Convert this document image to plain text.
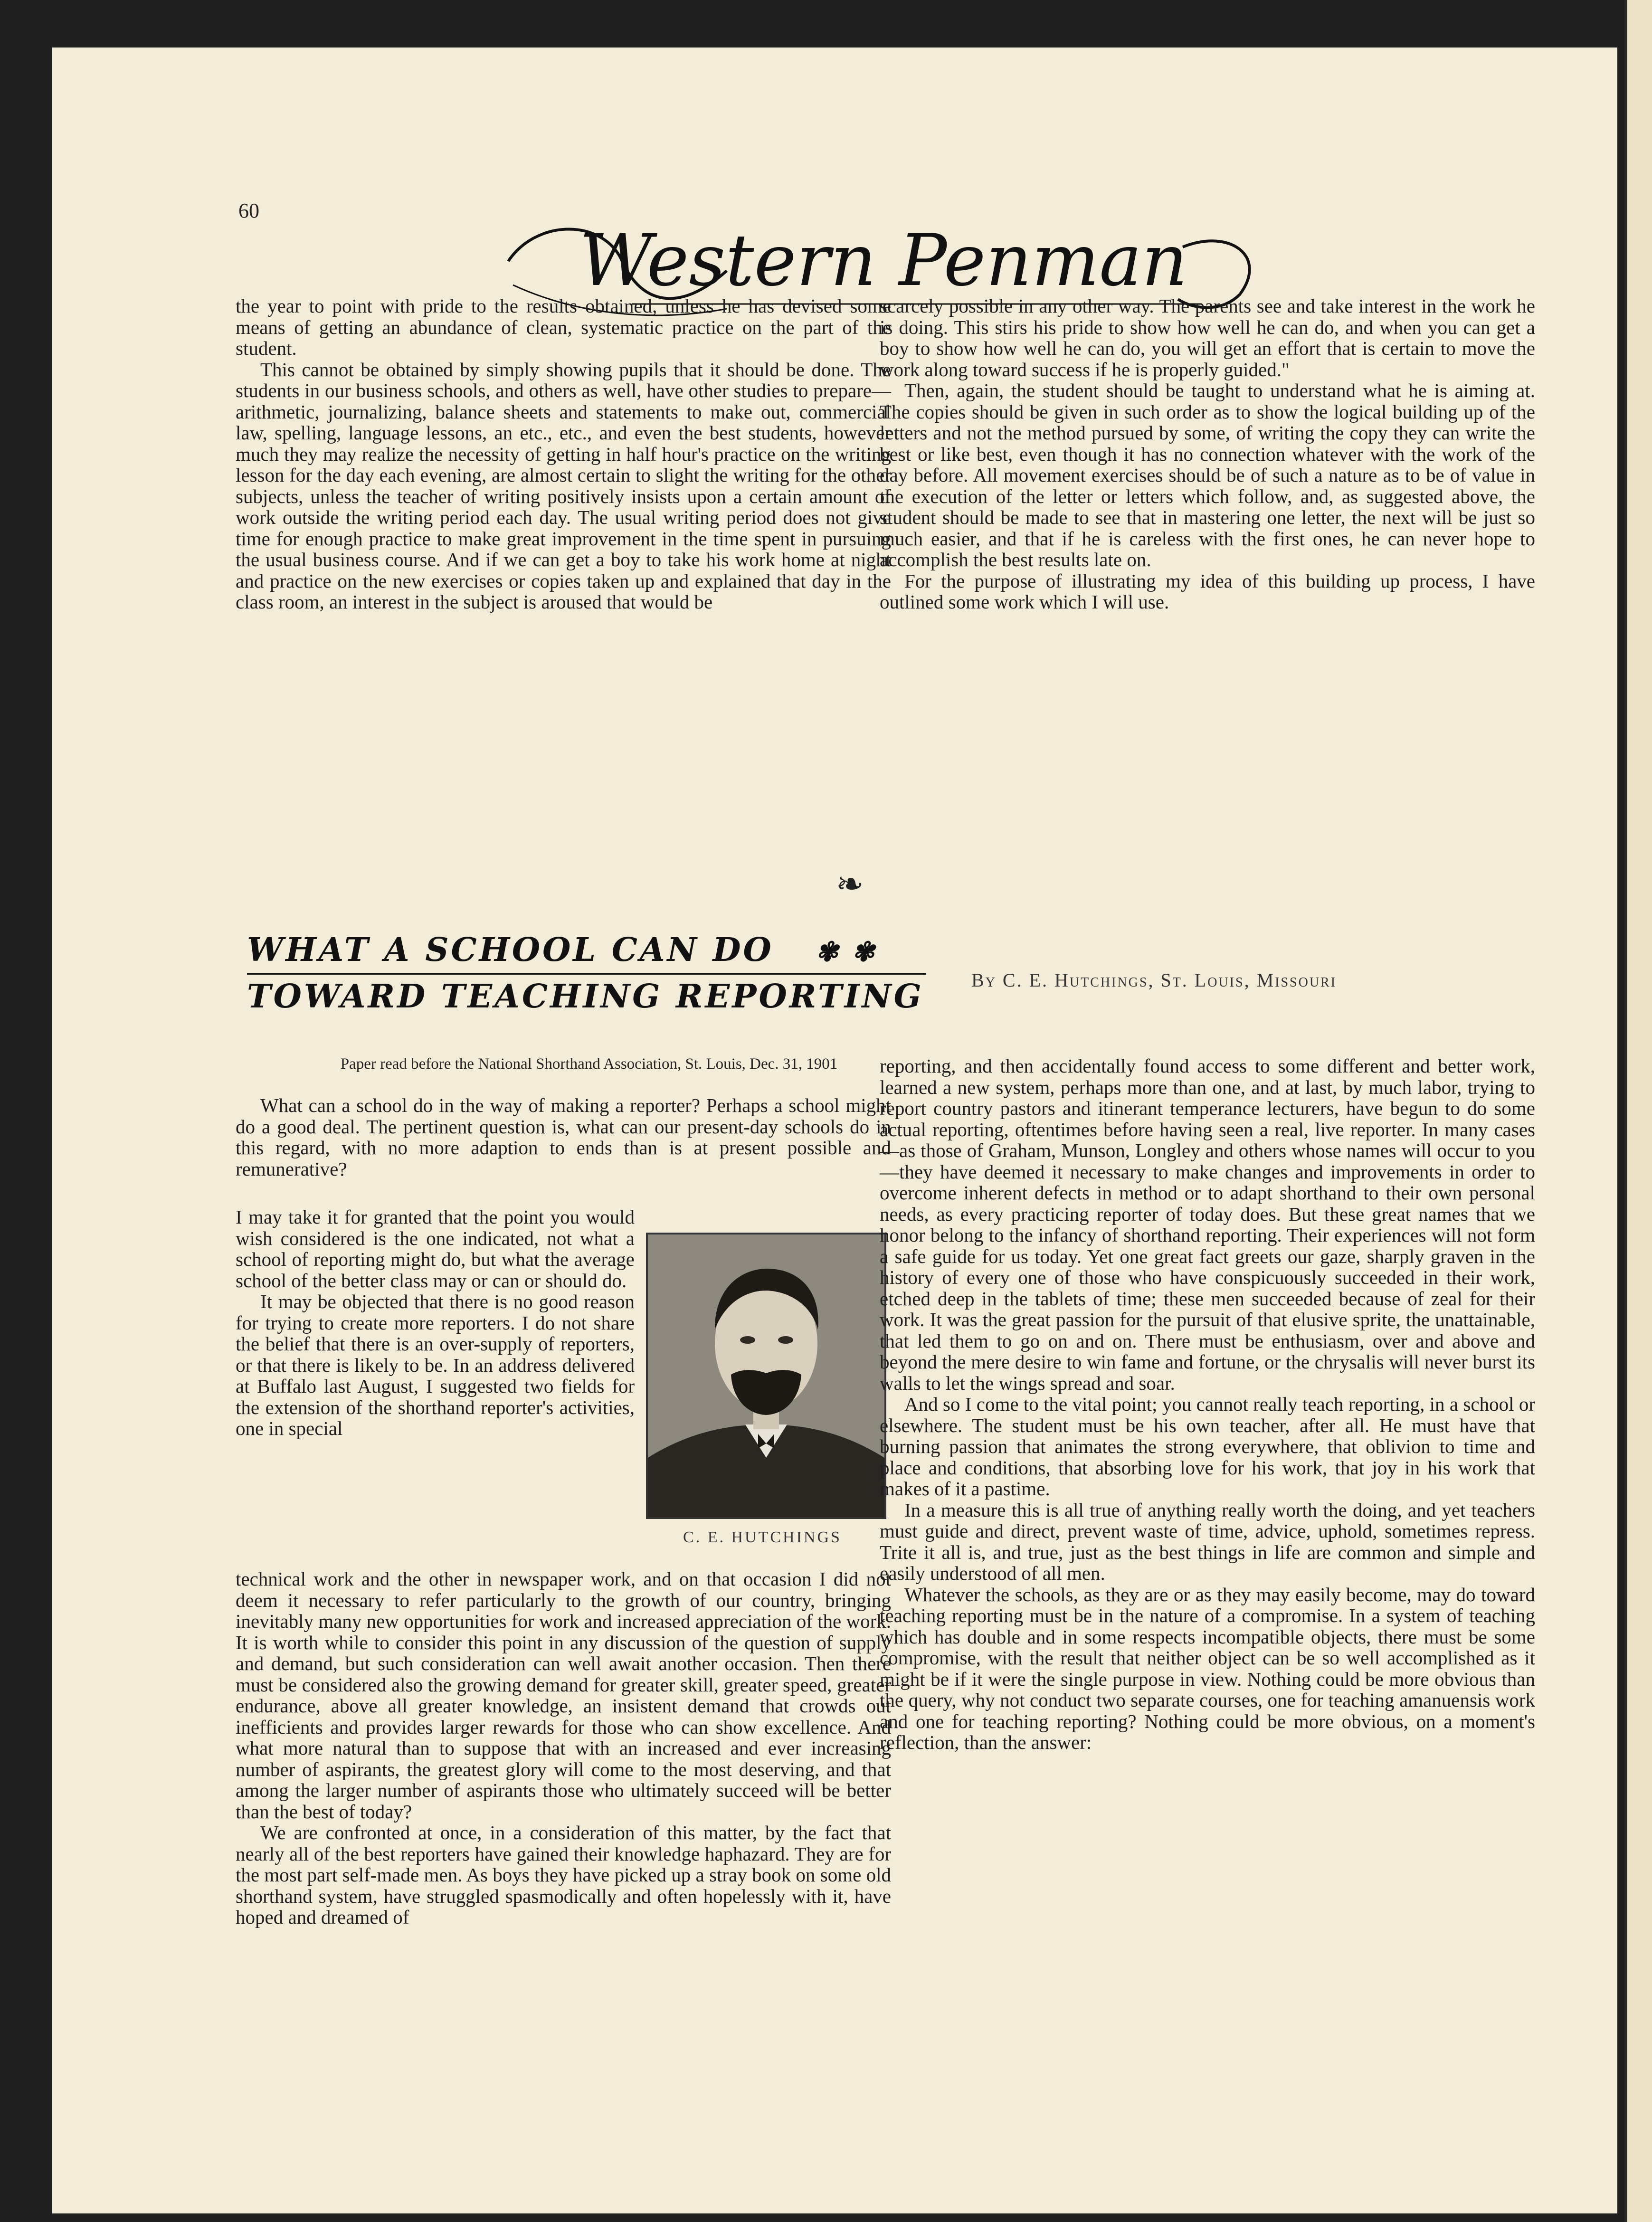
60
Western Penman

the year to point with pride to the results obtained, unless he has devised some means of getting an abundance of clean, systematic practice on the part of the student.

This cannot be obtained by simply showing pupils that it should be done. The students in our business schools, and others as well, have other studies to prepare—arithmetic, journalizing, balance sheets and statements to make out, commercial law, spelling, language lessons, an etc., etc., and even the best students, however much they may realize the necessity of getting in half hour's practice on the writing lesson for the day each evening, are almost certain to slight the writing for the other subjects, unless the teacher of writing positively insists upon a certain amount of work outside the writing period each day. The usual writing period does not give time for enough practice to make great improvement in the time spent in pursuing the usual business course. And if we can get a boy to take his work home at night and practice on the new exercises or copies taken up and explained that day in the class room, an interest in the subject is aroused that would be

scarcely possible in any other way. The parents see and take interest in the work he is doing. This stirs his pride to show how well he can do, and when you can get a boy to show how well he can do, you will get an effort that is certain to move the work along toward success if he is properly guided."

Then, again, the student should be taught to understand what he is aiming at. The copies should be given in such order as to show the logical building up of the letters and not the method pursued by some, of writing the copy they can write the best or like best, even though it has no connection whatever with the work of the day before. All movement exercises should be of such a nature as to be of value in the execution of the letter or letters which follow, and, as suggested above, the student should be made to see that in mastering one letter, the next will be just so much easier, and that if he is careless with the first ones, he can never hope to accomplish the best results late on.

For the purpose of illustrating my idea of this building up process, I have outlined some work which I will use.

❧
WHAT A SCHOOL CAN DO ✾ ✾
TOWARD TEACHING REPORTING	By C. E. Hutchings, St. Louis, Missouri
Paper read before the National Shorthand Association, St. Louis, Dec. 31, 1901

What can a school do in the way of making a reporter? Perhaps a school might do a good deal. The pertinent question is, what can our present-day schools do in this regard, with no more adaption to ends than is at present possible and remunerative?

I may take it for granted that the point you would wish considered is the one indicated, not what a school of reporting might do, but what the average school of the better class may or can or should do.

It may be objected that there is no good reason for trying to create more reporters. I do not share the belief that there is an over-supply of reporters, or that there is likely to be. In an address delivered at Buffalo last August, I suggested two fields for the extension of the shorthand reporter's activities, one in special

C. E. HUTCHINGS

technical work and the other in newspaper work, and on that occasion I did not deem it necessary to refer particularly to the growth of our country, bringing inevitably many new opportunities for work and increased appreciation of the work. It is worth while to consider this point in any discussion of the question of supply and demand, but such consideration can well await another occasion. Then there must be considered also the growing demand for greater skill, greater speed, greater endurance, above all greater knowledge, an insistent demand that crowds out inefficients and provides larger rewards for those who can show excellence. And what more natural than to suppose that with an increased and ever increasing number of aspirants, the greatest glory will come to the most deserving, and that among the larger number of aspirants those who ultimately succeed will be better than the best of today?

We are confronted at once, in a consideration of this matter, by the fact that nearly all of the best reporters have gained their knowledge haphazard. They are for the most part self-made men. As boys they have picked up a stray book on some old shorthand system, have struggled spasmodically and often hopelessly with it, have hoped and dreamed of

reporting, and then accidentally found access to some different and better work, learned a new system, perhaps more than one, and at last, by much labor, trying to report country pastors and itinerant temperance lecturers, have begun to do some actual reporting, oftentimes before having seen a real, live reporter. In many cases—as those of Graham, Munson, Longley and others whose names will occur to you—they have deemed it necessary to make changes and improvements in order to overcome inherent defects in method or to adapt shorthand to their own personal needs, as every practicing reporter of today does. But these great names that we honor belong to the infancy of shorthand reporting. Their experiences will not form a safe guide for us today. Yet one great fact greets our gaze, sharply graven in the history of every one of those who have conspicuously succeeded in their work, etched deep in the tablets of time; these men succeeded because of zeal for their work. It was the great passion for the pursuit of that elusive sprite, the unattainable, that led them to go on and on. There must be enthusiasm, over and above and beyond the mere desire to win fame and fortune, or the chrysalis will never burst its walls to let the wings spread and soar.

And so I come to the vital point; you cannot really teach reporting, in a school or elsewhere. The student must be his own teacher, after all. He must have that burning passion that animates the strong everywhere, that oblivion to time and place and conditions, that absorbing love for his work, that joy in his work that makes of it a pastime.

In a measure this is all true of anything really worth the doing, and yet teachers must guide and direct, prevent waste of time, advice, uphold, sometimes repress. Trite it all is, and true, just as the best things in life are common and simple and easily understood of all men.

Whatever the schools, as they are or as they may easily become, may do toward teaching reporting must be in the nature of a compromise. In a system of teaching which has double and in some respects incompatible objects, there must be some compromise, with the result that neither object can be so well accomplished as it might be if it were the single purpose in view. Nothing could be more obvious than the query, why not conduct two separate courses, one for teaching amanuensis work and one for teaching reporting? Nothing could be more obvious, on a moment's reflection, than the answer:
